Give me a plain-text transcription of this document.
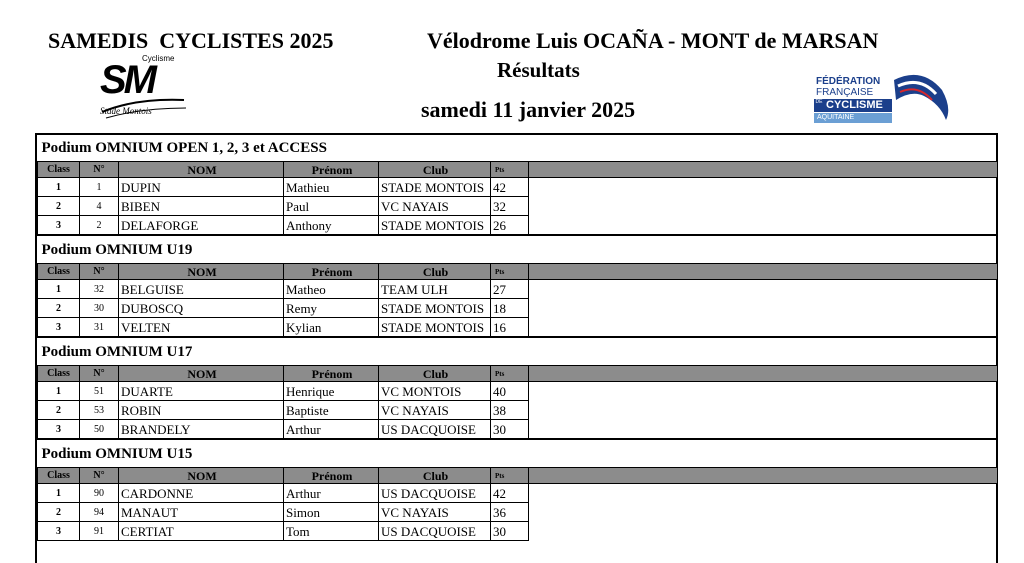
SAMEDIS  CYCLISTES 2025	Vélodrome Luis OCAÑA - MONT de MARSAN
Résultats
samedi 11 janvier 2025
Cyclisme
SM
Stade Montois
FÉDÉRATION
FRANÇAISE
DE CYCLISME
AQUITAINE
Podium OMNIUM OPEN 1, 2, 3 et ACCESS						
Class	N°	NOM	Prénom	Club	Pts	
1	1	DUPIN	Mathieu	STADE MONTOIS	42	
2	4	BIBEN	Paul	VC NAYAIS	32	
3	2	DELAFORGE	Anthony	STADE MONTOIS	26	
Podium OMNIUM U19						
Class	N°	NOM	Prénom	Club	Pts	
1	32	BELGUISE	Matheo	TEAM ULH	27	
2	30	DUBOSCQ	Remy	STADE MONTOIS	18	
3	31	VELTEN	Kylian	STADE MONTOIS	16	
Podium OMNIUM U17						
Class	N°	NOM	Prénom	Club	Pts	
1	51	DUARTE	Henrique	VC MONTOIS	40	
2	53	ROBIN	Baptiste	VC NAYAIS	38	
3	50	BRANDELY	Arthur	US DACQUOISE	30	
Podium OMNIUM U15						
Class	N°	NOM	Prénom	Club	Pts	
1	90	CARDONNE	Arthur	US DACQUOISE	42	
2	94	MANAUT	Simon	VC NAYAIS	36	
3	91	CERTIAT	Tom	US DACQUOISE	30	
